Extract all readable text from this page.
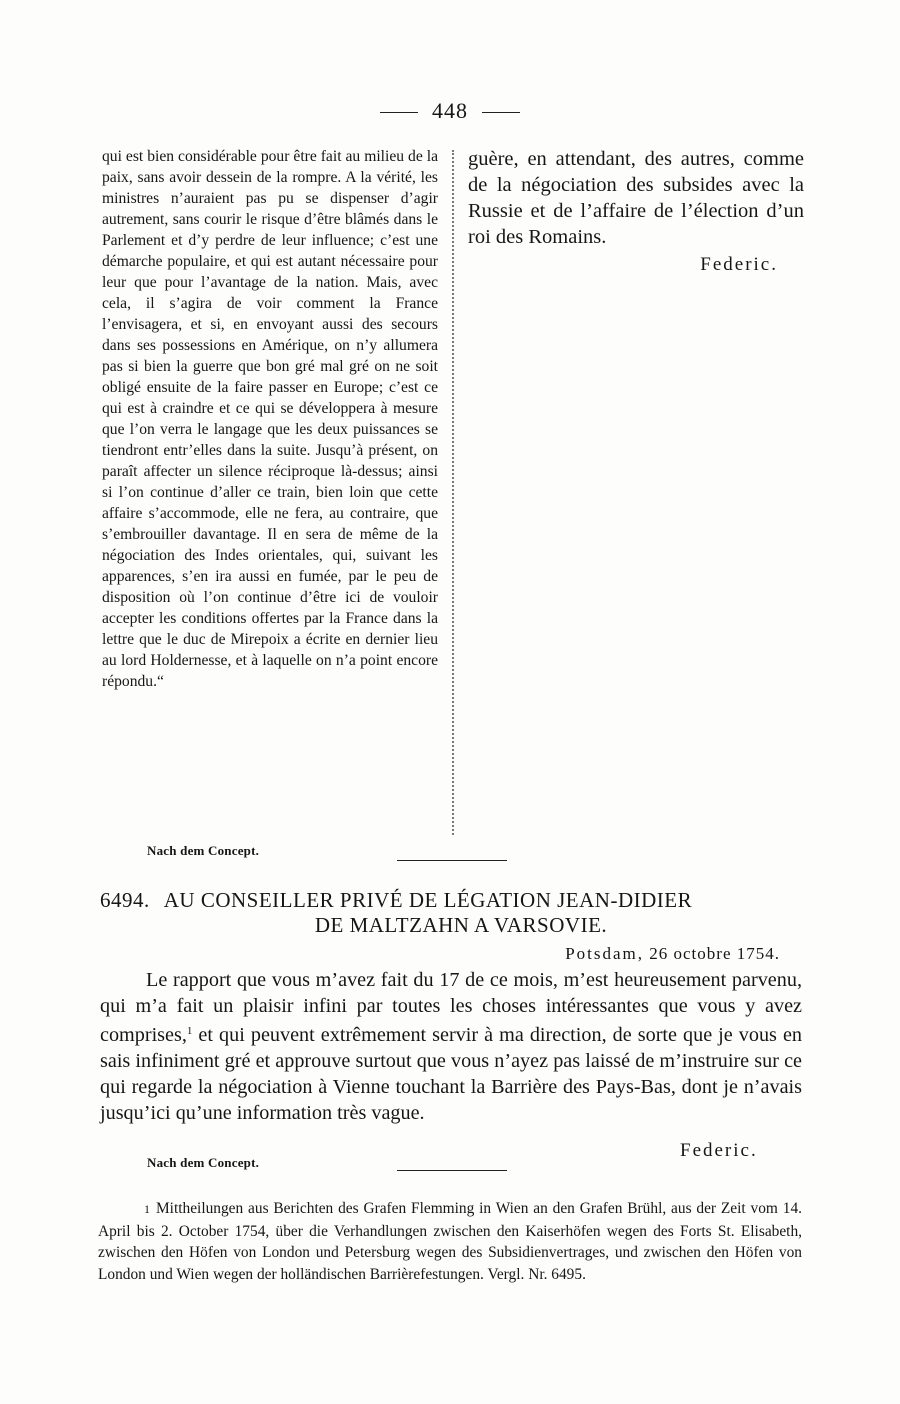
448

qui est bien considérable pour être fait au milieu de la paix, sans avoir dessein de la rompre. A la vérité, les ministres n’auraient pas pu se dispenser d’agir autrement, sans courir le risque d’être blâmés dans le Parlement et d’y perdre de leur influence; c’est une démarche populaire, et qui est autant nécessaire pour leur que pour l’avantage de la nation. Mais, avec cela, il s’agira de voir comment la France l’envisagera, et si, en envoyant aussi des secours dans ses possessions en Amérique, on n’y allumera pas si bien la guerre que bon gré mal gré on ne soit obligé ensuite de la faire passer en Europe; c’est ce qui est à craindre et ce qui se développera à mesure que l’on verra le langage que les deux puissances se tiendront entr’elles dans la suite. Jusqu’à présent, on paraît affecter un silence réciproque là-dessus; ainsi si l’on continue d’aller ce train, bien loin que cette affaire s’accommode, elle ne fera, au contraire, que s’embrouiller davantage. Il en sera de même de la négociation des Indes orientales, qui, suivant les apparences, s’en ira aussi en fumée, par le peu de disposition où l’on continue d’être ici de vouloir accepter les conditions offertes par la France dans la lettre que le duc de Mirepoix a écrite en dernier lieu au lord Holdernesse, et à laquelle on n’a point encore répondu.“

guère, en attendant, des autres, comme de la négociation des subsides avec la Russie et de l’affaire de l’élection d’un roi des Romains.

Federic.
Nach dem Concept.
6494. AU CONSEILLER PRIVÉ DE LÉGATION JEAN-DIDIER
DE MALTZAHN A VARSOVIE.
Potsdam, 26 octobre 1754.

Le rapport que vous m’avez fait du 17 de ce mois, m’est heureusement parvenu, qui m’a fait un plaisir infini par toutes les choses intéressantes que vous y avez comprises,$^1$ et qui peuvent extrêmement servir à ma direction, de sorte que je vous en sais infiniment gré et approuve surtout que vous n’ayez pas laissé de m’instruire sur ce qui regarde la négociation à Vienne touchant la Barrière des Pays-Bas, dont je n’avais jusqu’ici qu’une information très vague.

Federic.
Nach dem Concept.

1 Mittheilungen aus Berichten des Grafen Flemming in Wien an den Grafen Brühl, aus der Zeit vom 14. April bis 2. October 1754, über die Verhandlungen zwischen den Kaiserhöfen wegen des Forts St. Elisabeth, zwischen den Höfen von London und Petersburg wegen des Subsidienvertrages, und zwischen den Höfen von London und Wien wegen der holländischen Barrièrefestungen. Vergl. Nr. 6495.
